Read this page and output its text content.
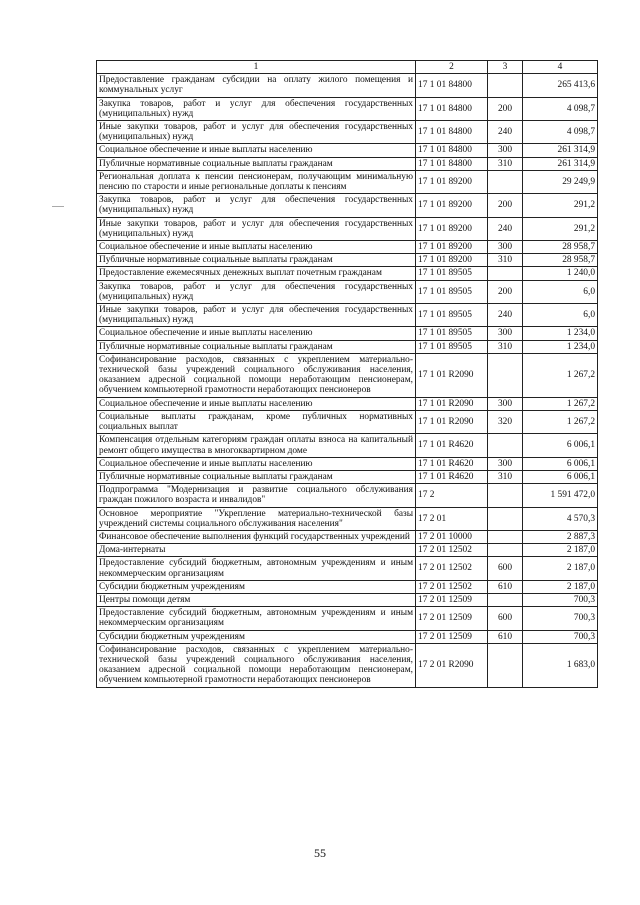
1	2	3	4
Предоставление гражданам субсидии на оплату жилого помещения и коммунальных услуг	17 1 01 84800		265 413,6
Закупка товаров, работ и услуг для обеспечения государственных (муниципальных) нужд	17 1 01 84800	200	4 098,7
Иные закупки товаров, работ и услуг для обеспечения государственных (муниципальных) нужд	17 1 01 84800	240	4 098,7
Социальное обеспечение и иные выплаты населению	17 1 01 84800	300	261 314,9
Публичные нормативные социальные выплаты гражданам	17 1 01 84800	310	261 314,9
Региональная доплата к пенсии пенсионерам, получающим минимальную пенсию по старости и иные региональные доплаты к пенсиям	17 1 01 89200		29 249,9
Закупка товаров, работ и услуг для обеспечения государственных (муниципальных) нужд	17 1 01 89200	200	291,2
Иные закупки товаров, работ и услуг для обеспечения государственных (муниципальных) нужд	17 1 01 89200	240	291,2
Социальное обеспечение и иные выплаты населению	17 1 01 89200	300	28 958,7
Публичные нормативные социальные выплаты гражданам	17 1 01 89200	310	28 958,7
Предоставление ежемесячных денежных выплат почетным гражданам	17 1 01 89505		1 240,0
Закупка товаров, работ и услуг для обеспечения государственных (муниципальных) нужд	17 1 01 89505	200	6,0
Иные закупки товаров, работ и услуг для обеспечения государственных (муниципальных) нужд	17 1 01 89505	240	6,0
Социальное обеспечение и иные выплаты населению	17 1 01 89505	300	1 234,0
Публичные нормативные социальные выплаты гражданам	17 1 01 89505	310	1 234,0
Софинансирование расходов, связанных с укреплением материально-технической базы учреждений социального обслуживания населения, оказанием адресной социальной помощи неработающим пенсионерам, обучением компьютерной грамотности неработающих пенсионеров	17 1 01 R2090		1 267,2
Социальное обеспечение и иные выплаты населению	17 1 01 R2090	300	1 267,2
Социальные выплаты гражданам, кроме публичных нормативных социальных выплат	17 1 01 R2090	320	1 267,2
Компенсация отдельным категориям граждан оплаты взноса на капитальный ремонт общего имущества в многоквартирном доме	17 1 01 R4620		6 006,1
Социальное обеспечение и иные выплаты населению	17 1 01 R4620	300	6 006,1
Публичные нормативные социальные выплаты гражданам	17 1 01 R4620	310	6 006,1
Подпрограмма "Модернизация и развитие социального обслуживания граждан пожилого возраста и инвалидов"	17 2		1 591 472,0
Основное мероприятие "Укрепление материально-технической базы учреждений системы социального обслуживания населения"	17 2 01		4 570,3
Финансовое обеспечение выполнения функций государственных учреждений	17 2 01 10000		2 887,3
Дома-интернаты	17 2 01 12502		2 187,0
Предоставление субсидий бюджетным, автономным учреждениям и иным некоммерческим организациям	17 2 01 12502	600	2 187,0
Субсидии бюджетным учреждениям	17 2 01 12502	610	2 187,0
Центры помощи детям	17 2 01 12509		700,3
Предоставление субсидий бюджетным, автономным учреждениям и иным некоммерческим организациям	17 2 01 12509	600	700,3
Субсидии бюджетным учреждениям	17 2 01 12509	610	700,3
Софинансирование расходов, связанных с укреплением материально-технической базы учреждений социального обслуживания населения, оказанием адресной социальной помощи неработающим пенсионерам, обучением компьютерной грамотности неработающих пенсионеров	17 2 01 R2090		1 683,0
55
